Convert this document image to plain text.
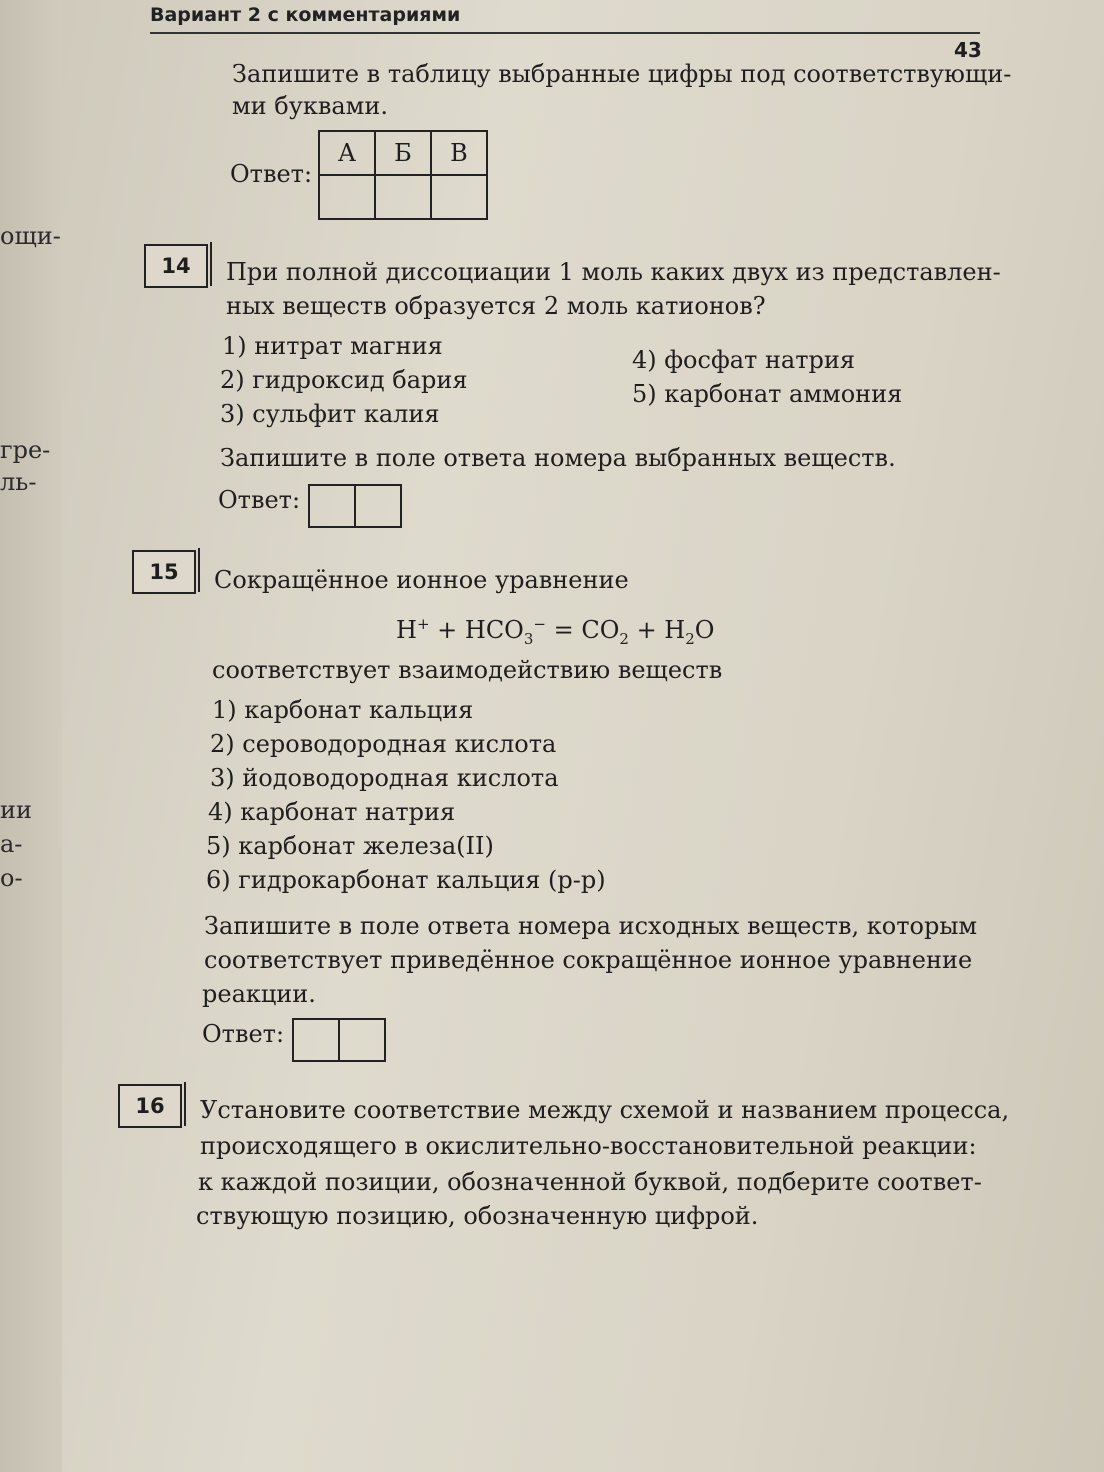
ощи-
гре-
ль-
ии
а-
о-
Вариант 2 с комментариями
43
Запишите в таблицу выбранные цифры под соответствующи-
ми буквами.
Ответ:
А	Б	В

14	При полной диссоциации 1 моль каких двух из представлен-
ных веществ образуется 2 моль катионов?
1) нитрат магния
2) гидроксид бария
3) сульфит калия
4) фосфат натрия
5) карбонат аммония
Запишите в поле ответа номера выбранных веществ.
Ответ:
15	Сокращённое ионное уравнение
$H^+ + HCO_3^- = CO_2 + H_2O$
соответствует взаимодействию веществ
1) карбонат кальция
2) сероводородная кислота
3) йодоводородная кислота
4) карбонат натрия
5) карбонат железа(II)
6) гидрокарбонат кальция (р-р)
Запишите в поле ответа номера исходных веществ, которым
соответствует приведённое сокращённое ионное уравнение
реакции.
Ответ:
16	Установите соответствие между схемой и названием процесса,
происходящего в окислительно-восстановительной реакции:
к каждой позиции, обозначенной буквой, подберите соответ-
ствующую позицию, обозначенную цифрой.
